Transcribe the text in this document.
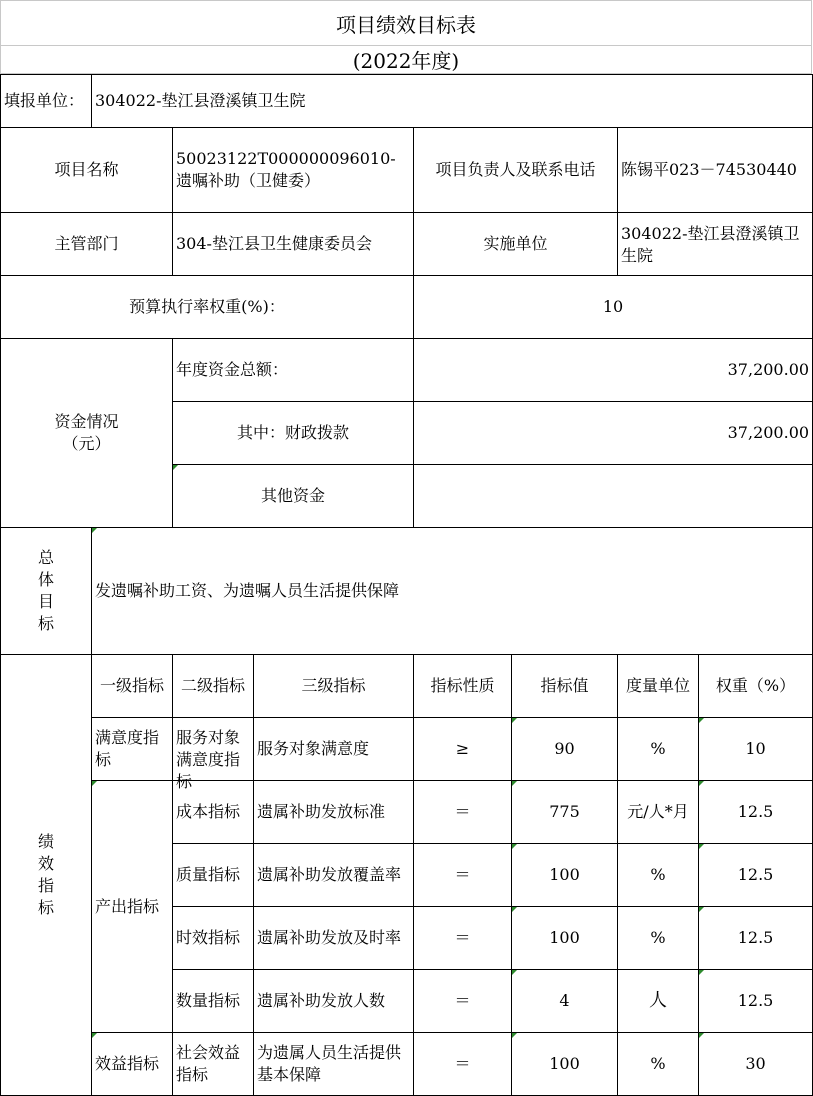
项目绩效目标表
(2022年度)
填报单位：	304022-垫江县澄溪镇卫生院						
项目名称		50023122T000000096010-遗嘱补助（卫健委）		项目负责人及联系电话		陈锡平023－74530440	
主管部门		304-垫江县卫生健康委员会		实施单位		304022-垫江县澄溪镇卫生院	
预算执行率权重(%)：				10			
资金情况（元）		年度资金总额：		37,200.00			
		其中：财政拨款		37,200.00			
		其他资金					
总体目标	发遗嘱补助工资、为遗嘱人员生活提供保障						
绩效指标	一级指标	二级指标	三级指标	指标性质	指标值	度量单位	权重（%）
	满意度指标	服务对象满意度指标	服务对象满意度	≥	90	%	10
	产出指标	成本指标	遗属补助发放标准	＝	775	元/人*月	12.5
		质量指标	遗属补助发放覆盖率	＝	100	%	12.5
		时效指标	遗属补助发放及时率	＝	100	%	12.5
		数量指标	遗属补助发放人数	＝	4	人	12.5
	效益指标	社会效益指标	为遗属人员生活提供基本保障	＝	100	%	30
